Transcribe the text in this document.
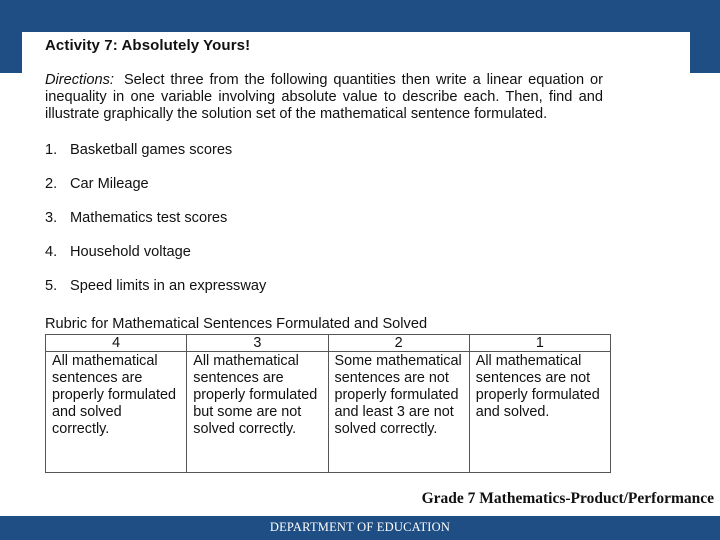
Activity 7: Absolutely Yours!
Directions: Select three from the following quantities then write a linear equation or inequality in one variable involving absolute value to describe each. Then, find and illustrate graphically the solution set of the mathematical sentence formulated.
1. Basketball games scores
2. Car Mileage
3. Mathematics test scores
4. Household voltage
5. Speed limits in an expressway
Rubric for Mathematical Sentences Formulated and Solved
4	3	2	1
All mathematical sentences are properly formulated and solved correctly.	All mathematical sentences are properly formulated but some are not solved correctly.	Some mathematical sentences are not properly formulated and least 3 are not solved correctly.	All mathematical sentences are not properly formulated and solved.
Grade 7 Mathematics-Product/Performance
DEPARTMENT OF EDUCATION
